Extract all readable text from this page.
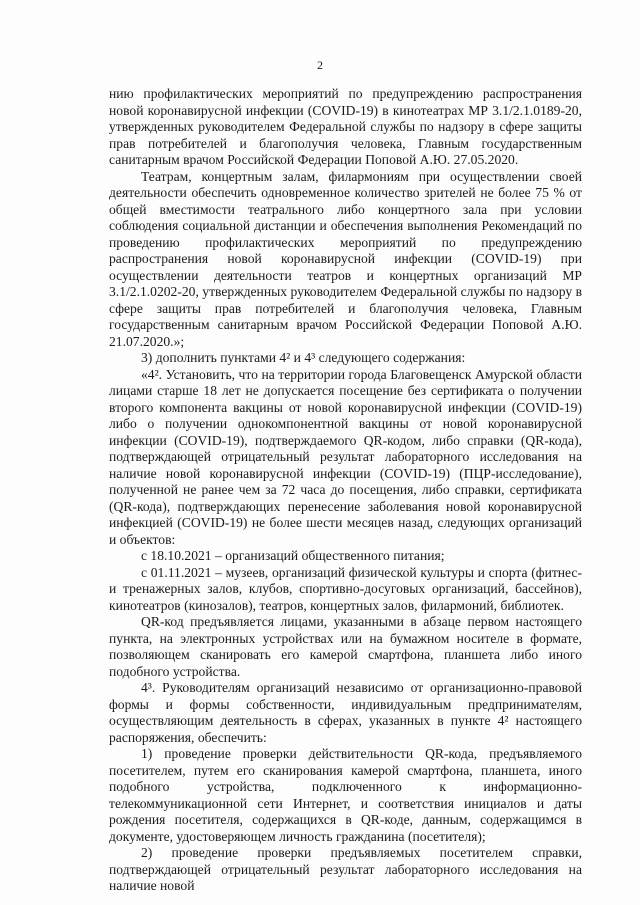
2

нию профилактических мероприятий по предупреждению распространения новой коронавирусной инфекции (COVID-19) в кинотеатрах МР 3.1/2.1.0189-20, утвержденных руководителем Федеральной службы по надзору в сфере защиты прав потребителей и благополучия человека, Главным государственным санитарным врачом Российской Федерации Поповой А.Ю. 27.05.2020.

Театрам, концертным залам, филармониям при осуществлении своей деятельности обеспечить одновременное количество зрителей не более 75 % от общей вместимости театрального либо концертного зала при условии соблюдения социальной дистанции и обеспечения выполнения Рекомендаций по проведению профилактических мероприятий по предупреждению распространения новой коронавирусной инфекции (COVID-19) при осуществлении деятельности театров и концертных организаций МР 3.1/2.1.0202-20, утвержденных руководителем Федеральной службы по надзору в сфере защиты прав потребителей и благополучия человека, Главным государственным санитарным врачом Российской Федерации Поповой А.Ю. 21.07.2020.»;

3) дополнить пунктами 4² и 4³ следующего содержания:

«4². Установить, что на территории города Благовещенск Амурской области лицами старше 18 лет не допускается посещение без сертификата о получении второго компонента вакцины от новой коронавирусной инфекции (COVID-19) либо о получении однокомпонентной вакцины от новой коронавирусной инфекции (COVID-19), подтверждаемого QR-кодом, либо справки (QR-кода), подтверждающей отрицательный результат лабораторного исследования на наличие новой коронавирусной инфекции (COVID-19) (ПЦР-исследование), полученной не ранее чем за 72 часа до посещения, либо справки, сертификата (QR-кода), подтверждающих перенесение заболевания новой коронавирусной инфекцией (COVID-19) не более шести месяцев назад, следующих организаций и объектов:

с 18.10.2021 – организаций общественного питания;

с 01.11.2021 – музеев, организаций физической культуры и спорта (фитнес- и тренажерных залов, клубов, спортивно-досуговых организаций, бассейнов), кинотеатров (кинозалов), театров, концертных залов, филармоний, библиотек.

QR-код предъявляется лицами, указанными в абзаце первом настоящего пункта, на электронных устройствах или на бумажном носителе в формате, позволяющем сканировать его камерой смартфона, планшета либо иного подобного устройства.

4³. Руководителям организаций независимо от организационно-правовой формы и формы собственности, индивидуальным предпринимателям, осуществляющим деятельность в сферах, указанных в пункте 4² настоящего распоряжения, обеспечить:

1) проведение проверки действительности QR-кода, предъявляемого посетителем, путем его сканирования камерой смартфона, планшета, иного подобного устройства, подключенного к информационно-телекоммуникационной сети Интернет, и соответствия инициалов и даты рождения посетителя, содержащихся в QR-коде, данным, содержащимся в документе, удостоверяющем личность гражданина (посетителя);

2) проведение проверки предъявляемых посетителем справки, подтверждающей отрицательный результат лабораторного исследования на наличие новой
